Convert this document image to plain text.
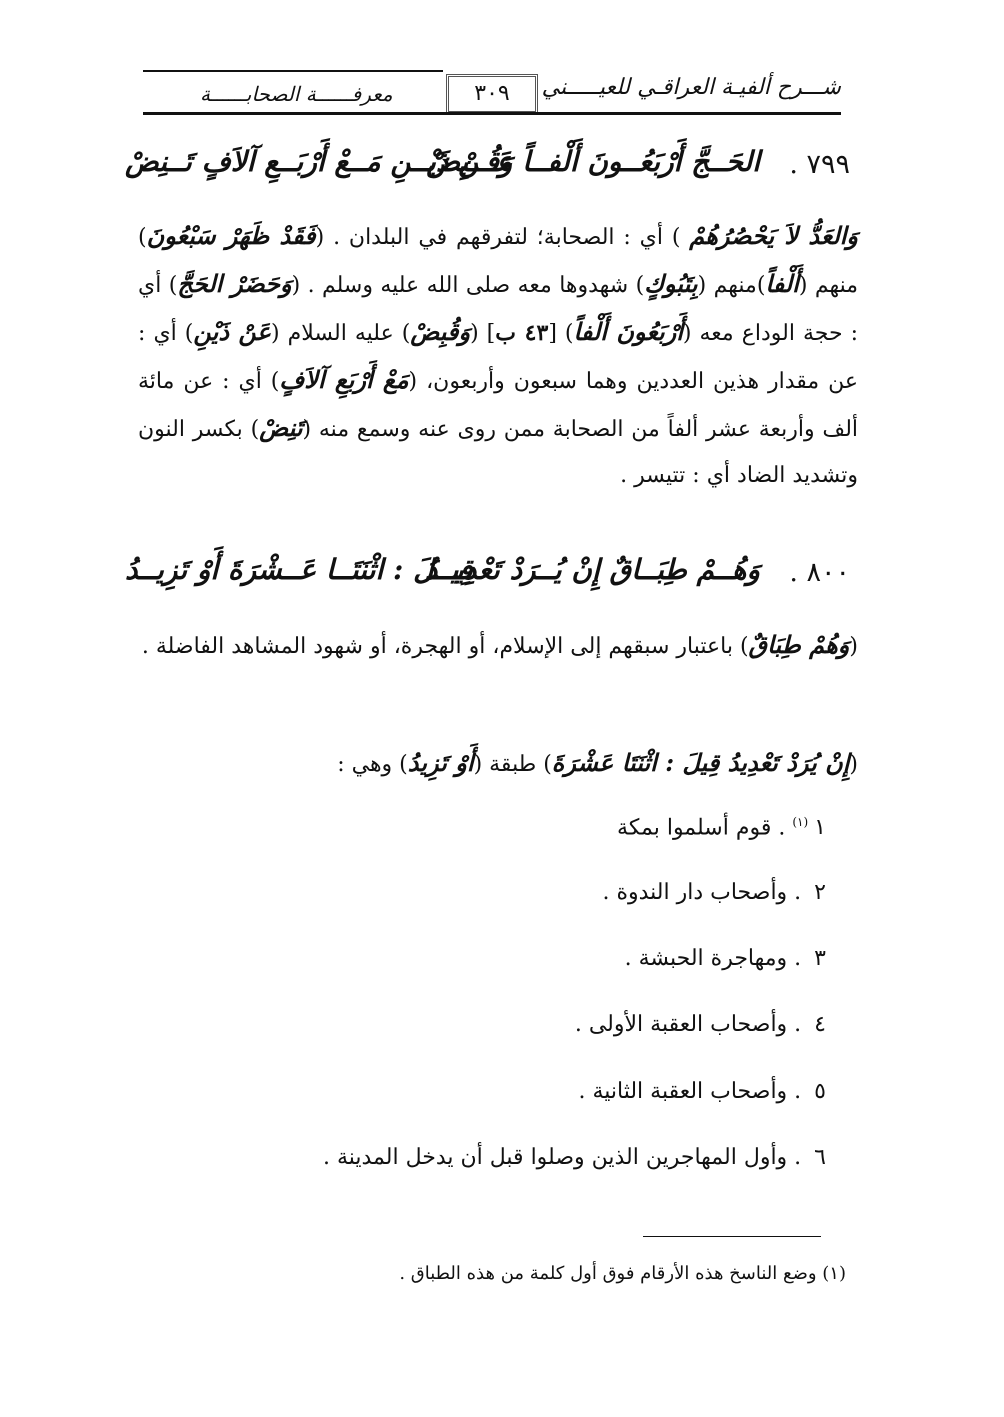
شـــرح ألفيـة العراقـي للعيـــــني
٣٠٩
معرفــــــة الصحابــــــة
٧٩٩ .
الحَــجَّ أَرْبَعُــونَ أَلْفــاً وَقُــبِضْ
عَــنْ ذَيْــنِ مَــعْ أَرْبَــعِ آلاَفٍ تَــنِضْ
وَالعَدُّ لاَ يَحْصُرُهُمْ ) أي : الصحابة؛ لتفرقهم في البلدان . (فَقَدْ ظَهَرْ سَبْعُونَ) منهم (أَلْفاً)منهم (بِتَبُوكٍ) شهدوها معه صلى الله عليه وسلم . (وَحَضَرْ الحَجَّ) أي : حجة الوداع معه (أَرْبَعُونَ أَلْفاً) [٤٣ ب] (وَقُبِضْ) عليه السلام (عَنْ ذَيْنِ) أي : عن مقدار هذين العددين وهما سبعون وأربعون، (مَعْ أَرْبَعِ آلاَفٍ) أي : عن مائة ألف وأربعة عشر ألفاً من الصحابة ممن روى عنه وسمع منه (تَنِضْ) بكسر النون وتشديد الضاد أي : تتيسر .
٨٠٠ .
وَهُــمْ طِبَــاقٌ إِنْ يُــرَدْ تَعْدِيــدُ
قِيــلَ : اثْنَتَــا عَــشْرَةَ أَوْ تَزِيــدُ
(وَهُمْ طِبَاقٌ) باعتبار سبقهم إلى الإسلام، أو الهجرة، أو شهود المشاهد الفاضلة .
(إِنْ يُرَدْ تَعْدِيدُ قِيلَ : اثْنَتَا عَشْرَةَ) طبقة (أَوْ تَزِيدُ) وهي :
١$^{(١)}$ . قوم أسلموا بمكة
٢ . وأصحاب دار الندوة .
٣ . ومهاجرة الحبشة .
٤ . وأصحاب العقبة الأولى .
٥ . وأصحاب العقبة الثانية .
٦ . وأول المهاجرين الذين وصلوا قبل أن يدخل المدينة .
(١) وضع الناسخ هذه الأرقام فوق أول كلمة من هذه الطباق .
